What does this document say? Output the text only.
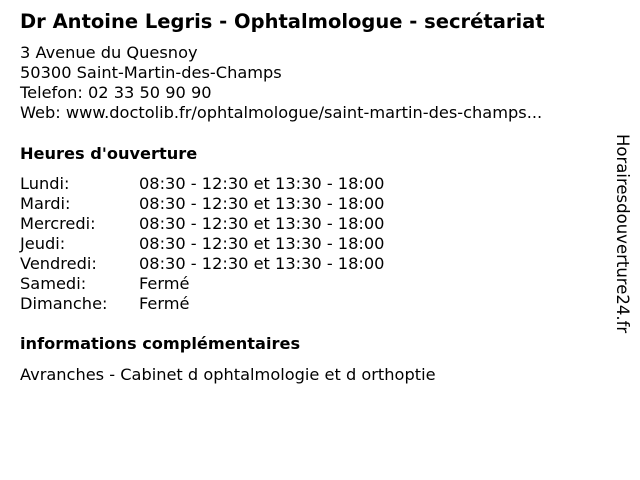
Dr Antoine Legris - Ophtalmologue - secrétariat
3 Avenue du Quesnoy
50300 Saint-Martin-des-Champs
Telefon: 02 33 50 90 90
Web: www.doctolib.fr/ophtalmologue/saint-martin-des-champs...
Heures d'ouverture
Lundi:	08:30 - 12:30 et 13:30 - 18:00
Mardi:	08:30 - 12:30 et 13:30 - 18:00
Mercredi:	08:30 - 12:30 et 13:30 - 18:00
Jeudi:	08:30 - 12:30 et 13:30 - 18:00
Vendredi:	08:30 - 12:30 et 13:30 - 18:00
Samedi:	Fermé
Dimanche: Fermé
informations complémentaires
Avranches - Cabinet d ophtalmologie et d orthoptie
Horairesdouverture24.fr
